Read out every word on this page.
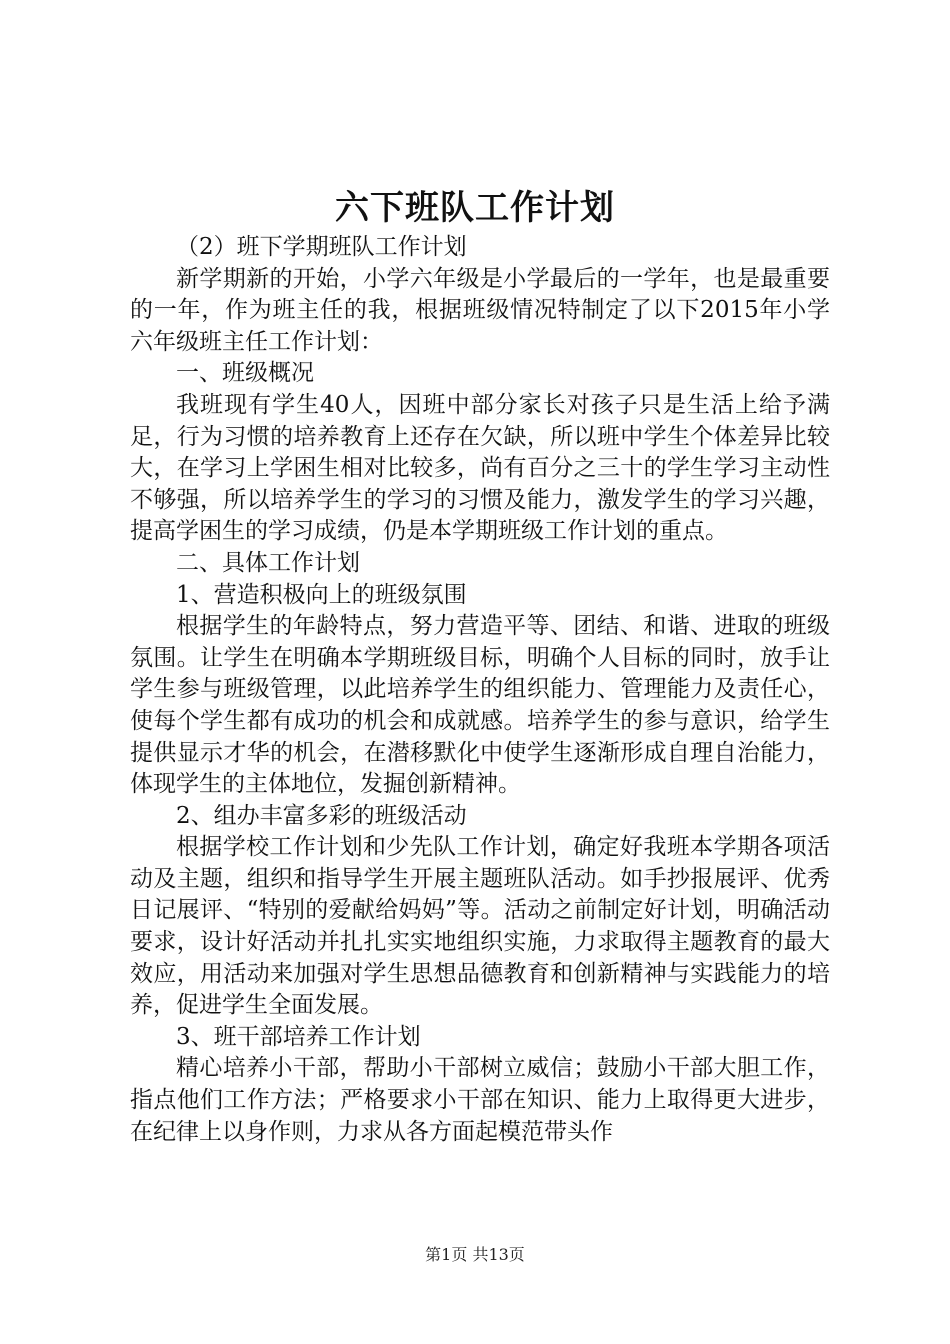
六下班队工作计划

（2）班下学期班队工作计划

新学期新的开始，小学六年级是小学最后的一学年，也是最重要的一年，作为班主任的我，根据班级情况特制定了以下2015年小学六年级班主任工作计划：

一、班级概况

我班现有学生40人，因班中部分家长对孩子只是生活上给予满足，行为习惯的培养教育上还存在欠缺，所以班中学生个体差异比较大，在学习上学困生相对比较多，尚有百分之三十的学生学习主动性不够强，所以培养学生的学习的习惯及能力，激发学生的学习兴趣，提高学困生的学习成绩，仍是本学期班级工作计划的重点。

二、具体工作计划

1、营造积极向上的班级氛围

根据学生的年龄特点，努力营造平等、团结、和谐、进取的班级氛围。让学生在明确本学期班级目标，明确个人目标的同时，放手让学生参与班级管理，以此培养学生的组织能力、管理能力及责任心，使每个学生都有成功的机会和成就感。培养学生的参与意识，给学生提供显示才华的机会，在潜移默化中使学生逐渐形成自理自治能力，体现学生的主体地位，发掘创新精神。

2、组办丰富多彩的班级活动

根据学校工作计划和少先队工作计划，确定好我班本学期各项活动及主题，组织和指导学生开展主题班队活动。如手抄报展评、优秀日记展评、“特别的爱献给妈妈”等。活动之前制定好计划，明确活动要求，设计好活动并扎扎实实地组织实施，力求取得主题教育的最大效应，用活动来加强对学生思想品德教育和创新精神与实践能力的培养，促进学生全面发展。

3、班干部培养工作计划

精心培养小干部，帮助小干部树立威信；鼓励小干部大胆工作，指点他们工作方法；严格要求小干部在知识、能力上取得更大进步，在纪律上以身作则，力求从各方面起模范带头作

第1页 共13页
